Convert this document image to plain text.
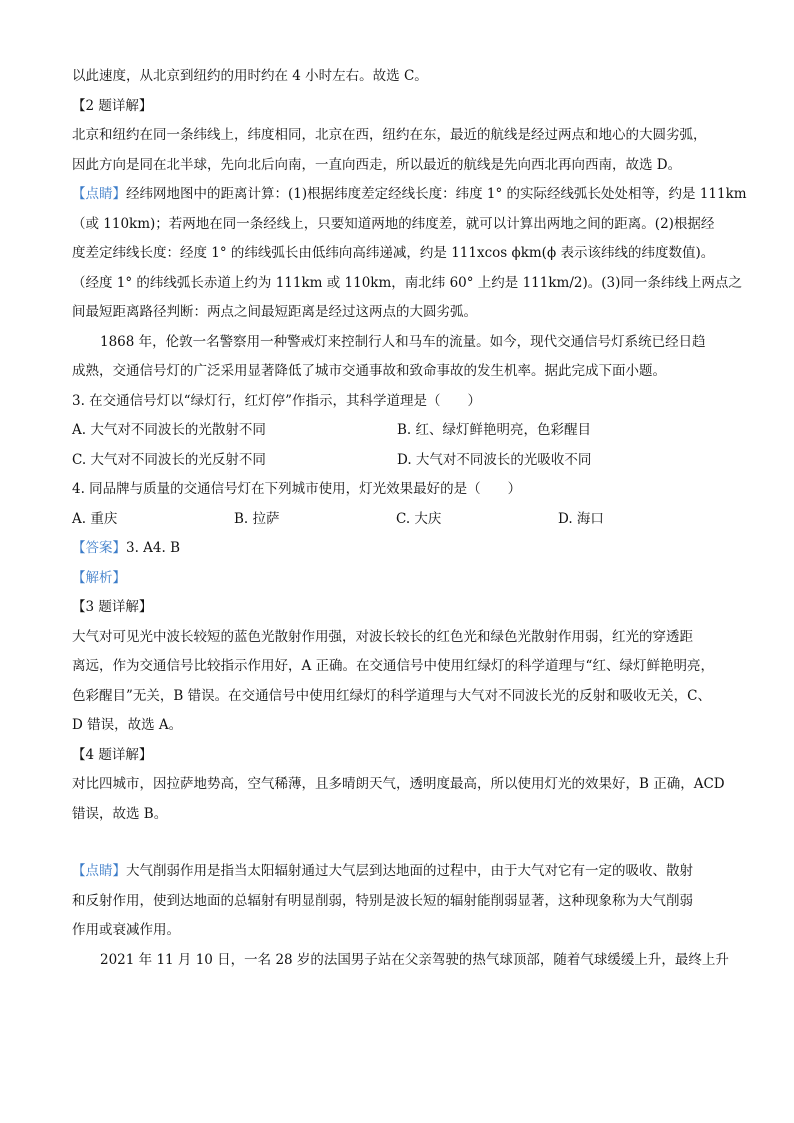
以此速度，从北京到纽约的用时约在 4 小时左右。故选 C。

【2 题详解】

北京和纽约在同一条纬线上，纬度相同，北京在西，纽约在东，最近的航线是经过两点和地心的大圆劣弧，

因此方向是同在北半球，先向北后向南，一直向西走，所以最近的航线是先向西北再向西南，故选 D。

【点睛】经纬网地图中的距离计算：(1)根据纬度差定经线长度：纬度 1° 的实际经线弧长处处相等，约是 111km

（或 110km)；若两地在同一条经线上，只要知道两地的纬度差，就可以计算出两地之间的距离。(2)根据经

度差定纬线长度：经度 1° 的纬线弧长由低纬向高纬递减，约是 111xcos ϕkm(ϕ 表示该纬线的纬度数值)。

（经度 1° 的纬线弧长赤道上约为 111km 或 110km，南北纬 60° 上约是 111km/2)。(3)同一条纬线上两点之

间最短距离路径判断：两点之间最短距离是经过这两点的大圆劣弧。

1868 年，伦敦一名警察用一种警戒灯来控制行人和马车的流量。如今，现代交通信号灯系统已经日趋

成熟，交通信号灯的广泛采用显著降低了城市交通事故和致命事故的发生机率。据此完成下面小题。

3. 在交通信号灯以“绿灯行，红灯停”作指示，其科学道理是（　　）

A. 大气对不同波长的光散射不同	B. 红、绿灯鲜艳明亮，色彩醒目
C. 大气对不同波长的光反射不同	D. 大气对不同波长的光吸收不同

4. 同品牌与质量的交通信号灯在下列城市使用，灯光效果最好的是（　　）

A. 重庆	B. 拉萨	C. 大庆	D. 海口

【答案】3. A4. B

【解析】

【3 题详解】

大气对可见光中波长较短的蓝色光散射作用强，对波长较长的红色光和绿色光散射作用弱，红光的穿透距

离远，作为交通信号比较指示作用好，A 正确。在交通信号中使用红绿灯的科学道理与“红、绿灯鲜艳明亮，

色彩醒目”无关，B 错误。在交通信号中使用红绿灯的科学道理与大气对不同波长光的反射和吸收无关，C、

D 错误，故选 A。

【4 题详解】

对比四城市，因拉萨地势高，空气稀薄，且多晴朗天气，透明度最高，所以使用灯光的效果好，B 正确，ACD

错误，故选 B。

【点睛】大气削弱作用是指当太阳辐射通过大气层到达地面的过程中，由于大气对它有一定的吸收、散射

和反射作用，使到达地面的总辐射有明显削弱，特别是波长短的辐射能削弱显著，这种现象称为大气削弱

作用或衰减作用。

2021 年 11 月 10 日，一名 28 岁的法国男子站在父亲驾驶的热气球顶部，随着气球缓缓上升，最终上升
